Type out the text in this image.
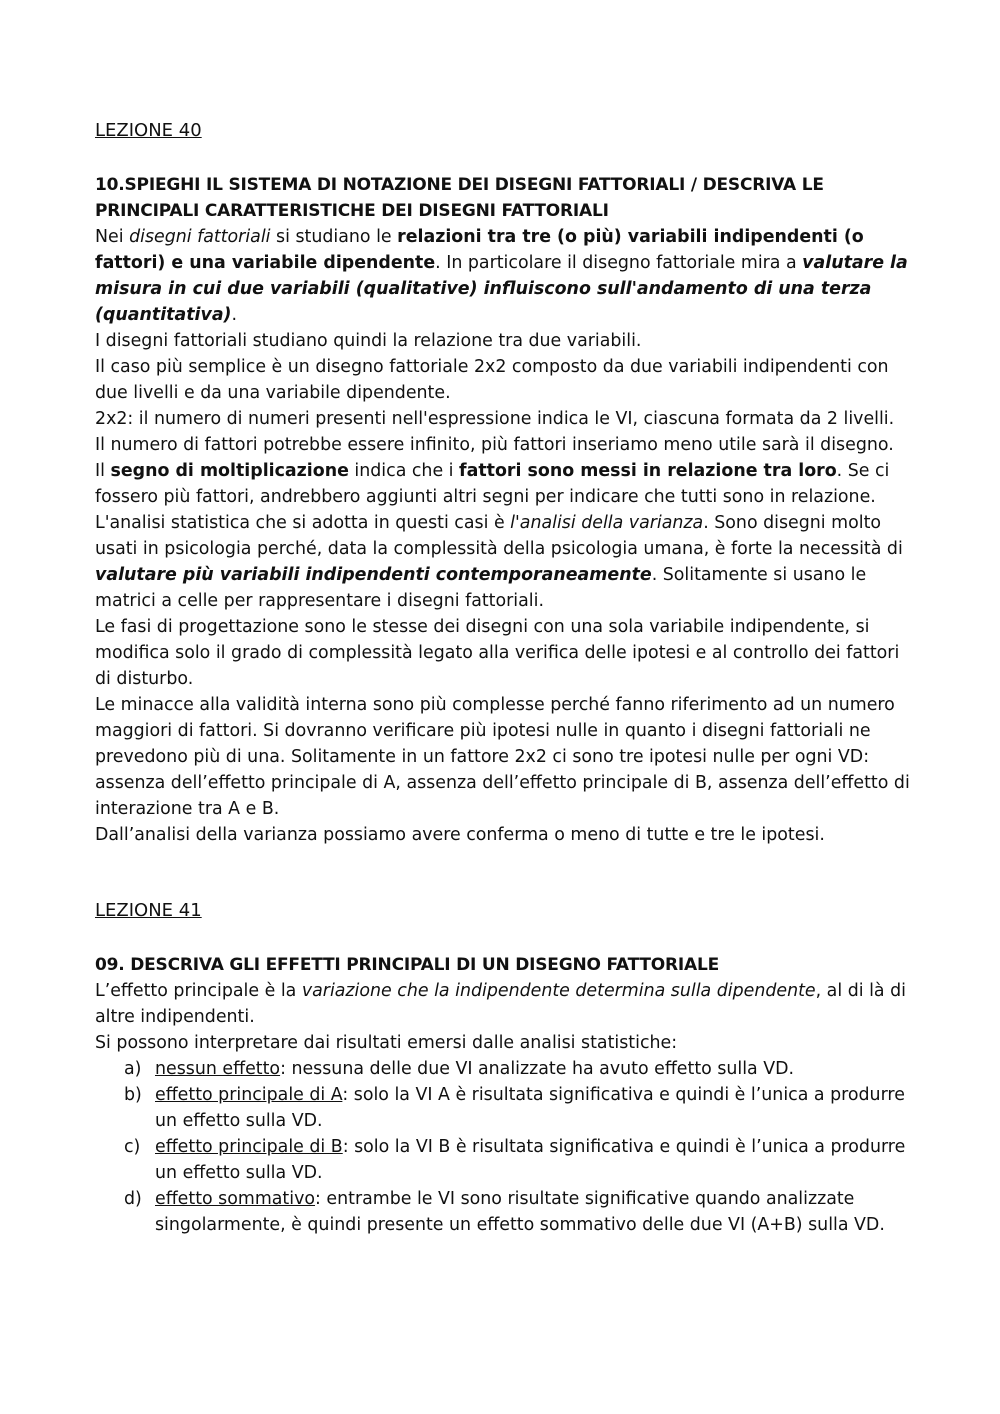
LEZIONE 40

10.SPIEGHI IL SISTEMA DI NOTAZIONE DEI DISEGNI FATTORIALI / DESCRIVA LE PRINCIPALI CARATTERISTICHE DEI DISEGNI FATTORIALI

Nei disegni fattoriali si studiano le relazioni tra tre (o più) variabili indipendenti (o fattori) e una variabile dipendente. In particolare il disegno fattoriale mira a valutare la misura in cui due variabili (qualitative) influiscono sull'andamento di una terza (quantitativa).

I disegni fattoriali studiano quindi la relazione tra due variabili.

Il caso più semplice è un disegno fattoriale 2x2 composto da due variabili indipendenti con due livelli e da una variabile dipendente.

2x2: il numero di numeri presenti nell'espressione indica le VI, ciascuna formata da 2 livelli.

Il numero di fattori potrebbe essere infinito, più fattori inseriamo meno utile sarà il disegno.

Il segno di moltiplicazione indica che i fattori sono messi in relazione tra loro. Se ci fossero più fattori, andrebbero aggiunti altri segni per indicare che tutti sono in relazione.

L'analisi statistica che si adotta in questi casi è l'analisi della varianza. Sono disegni molto usati in psicologia perché, data la complessità della psicologia umana, è forte la necessità di valutare più variabili indipendenti contemporaneamente. Solitamente si usano le matrici a celle per rappresentare i disegni fattoriali.

Le fasi di progettazione sono le stesse dei disegni con una sola variabile indipendente, si modifica solo il grado di complessità legato alla verifica delle ipotesi e al controllo dei fattori di disturbo.

Le minacce alla validità interna sono più complesse perché fanno riferimento ad un numero maggiori di fattori. Si dovranno verificare più ipotesi nulle in quanto i disegni fattoriali ne prevedono più di una. Solitamente in un fattore 2x2 ci sono tre ipotesi nulle per ogni VD: assenza dell’effetto principale di A, assenza dell’effetto principale di B, assenza dell’effetto di interazione tra A e B.

Dall’analisi della varianza possiamo avere conferma o meno di tutte e tre le ipotesi.

LEZIONE 41

09. DESCRIVA GLI EFFETTI PRINCIPALI DI UN DISEGNO FATTORIALE

L’effetto principale è la variazione che la indipendente determina sulla dipendente, al di là di altre indipendenti.

Si possono interpretare dai risultati emersi dalle analisi statistiche:

a) nessun effetto: nessuna delle due VI analizzate ha avuto effetto sulla VD.
b) effetto principale di A: solo la VI A è risultata significativa e quindi è l’unica a produrre un effetto sulla VD.
c) effetto principale di B: solo la VI B è risultata significativa e quindi è l’unica a produrre un effetto sulla VD.
d) effetto sommativo: entrambe le VI sono risultate significative quando analizzate singolarmente, è quindi presente un effetto sommativo delle due VI (A+B) sulla VD.
